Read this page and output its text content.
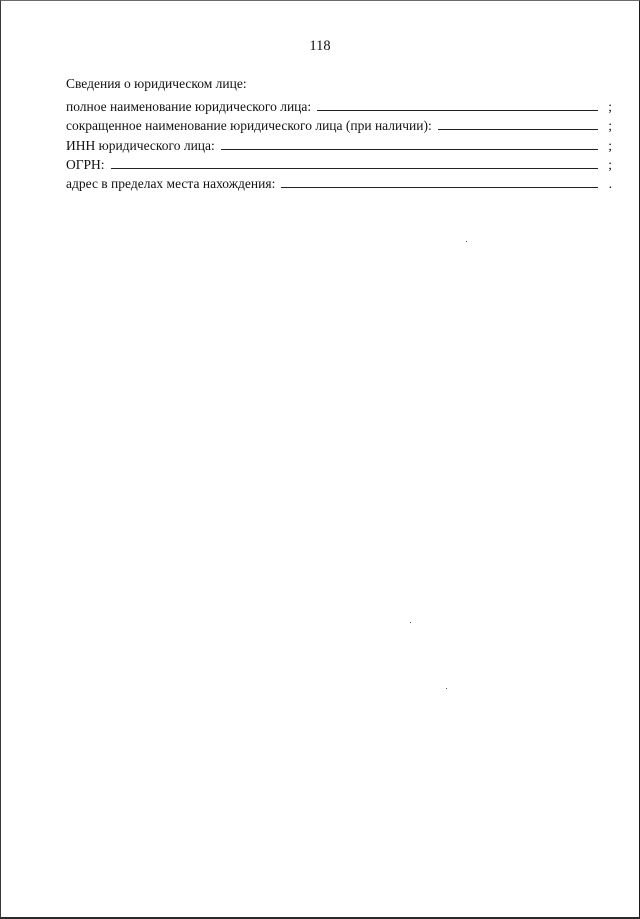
118
Сведения о юридическом лице:
полное наименование юридического лица:	;
сокращенное наименование юридического лица (при наличии):	;
ИНН юридического лица:	;
ОГРН:	;
адрес в пределах места нахождения:	.
